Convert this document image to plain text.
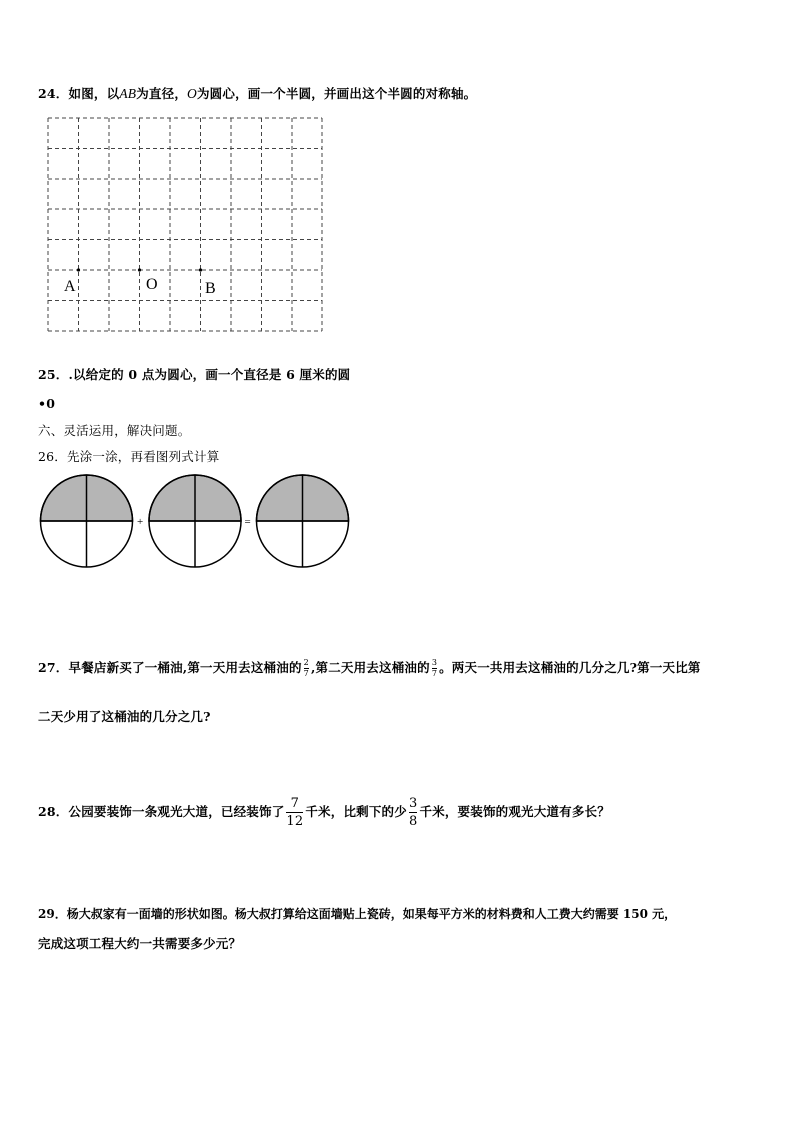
24．如图，以AB为直径，O为圆心，画一个半圆，并画出这个半圆的对称轴。
A	O	B
25．.以给定的 0 点为圆心，画一个直径是 6 厘米的圆
•0
六、灵活运用，解决问题。
26．先涂一涂，再看图列式计算
+	=
27．早餐店新买了一桶油,第一天用去这桶油的 $\frac{2}{7}$ ,第二天用去这桶油的 $\frac{3}{7}$ 。两天一共用去这桶油的几分之几?第一天比第
二天少用了这桶油的几分之几?
28．公园要装饰一条观光大道，已经装饰了 $\frac{7}{12}$ 千米，比剩下的少 $\frac{3}{8}$ 千米，要装饰的观光大道有多长？
29．杨大叔家有一面墙的形状如图。杨大叔打算给这面墙贴上瓷砖，如果每平方米的材料费和人工费大约需要 150 元，
完成这项工程大约一共需要多少元？
